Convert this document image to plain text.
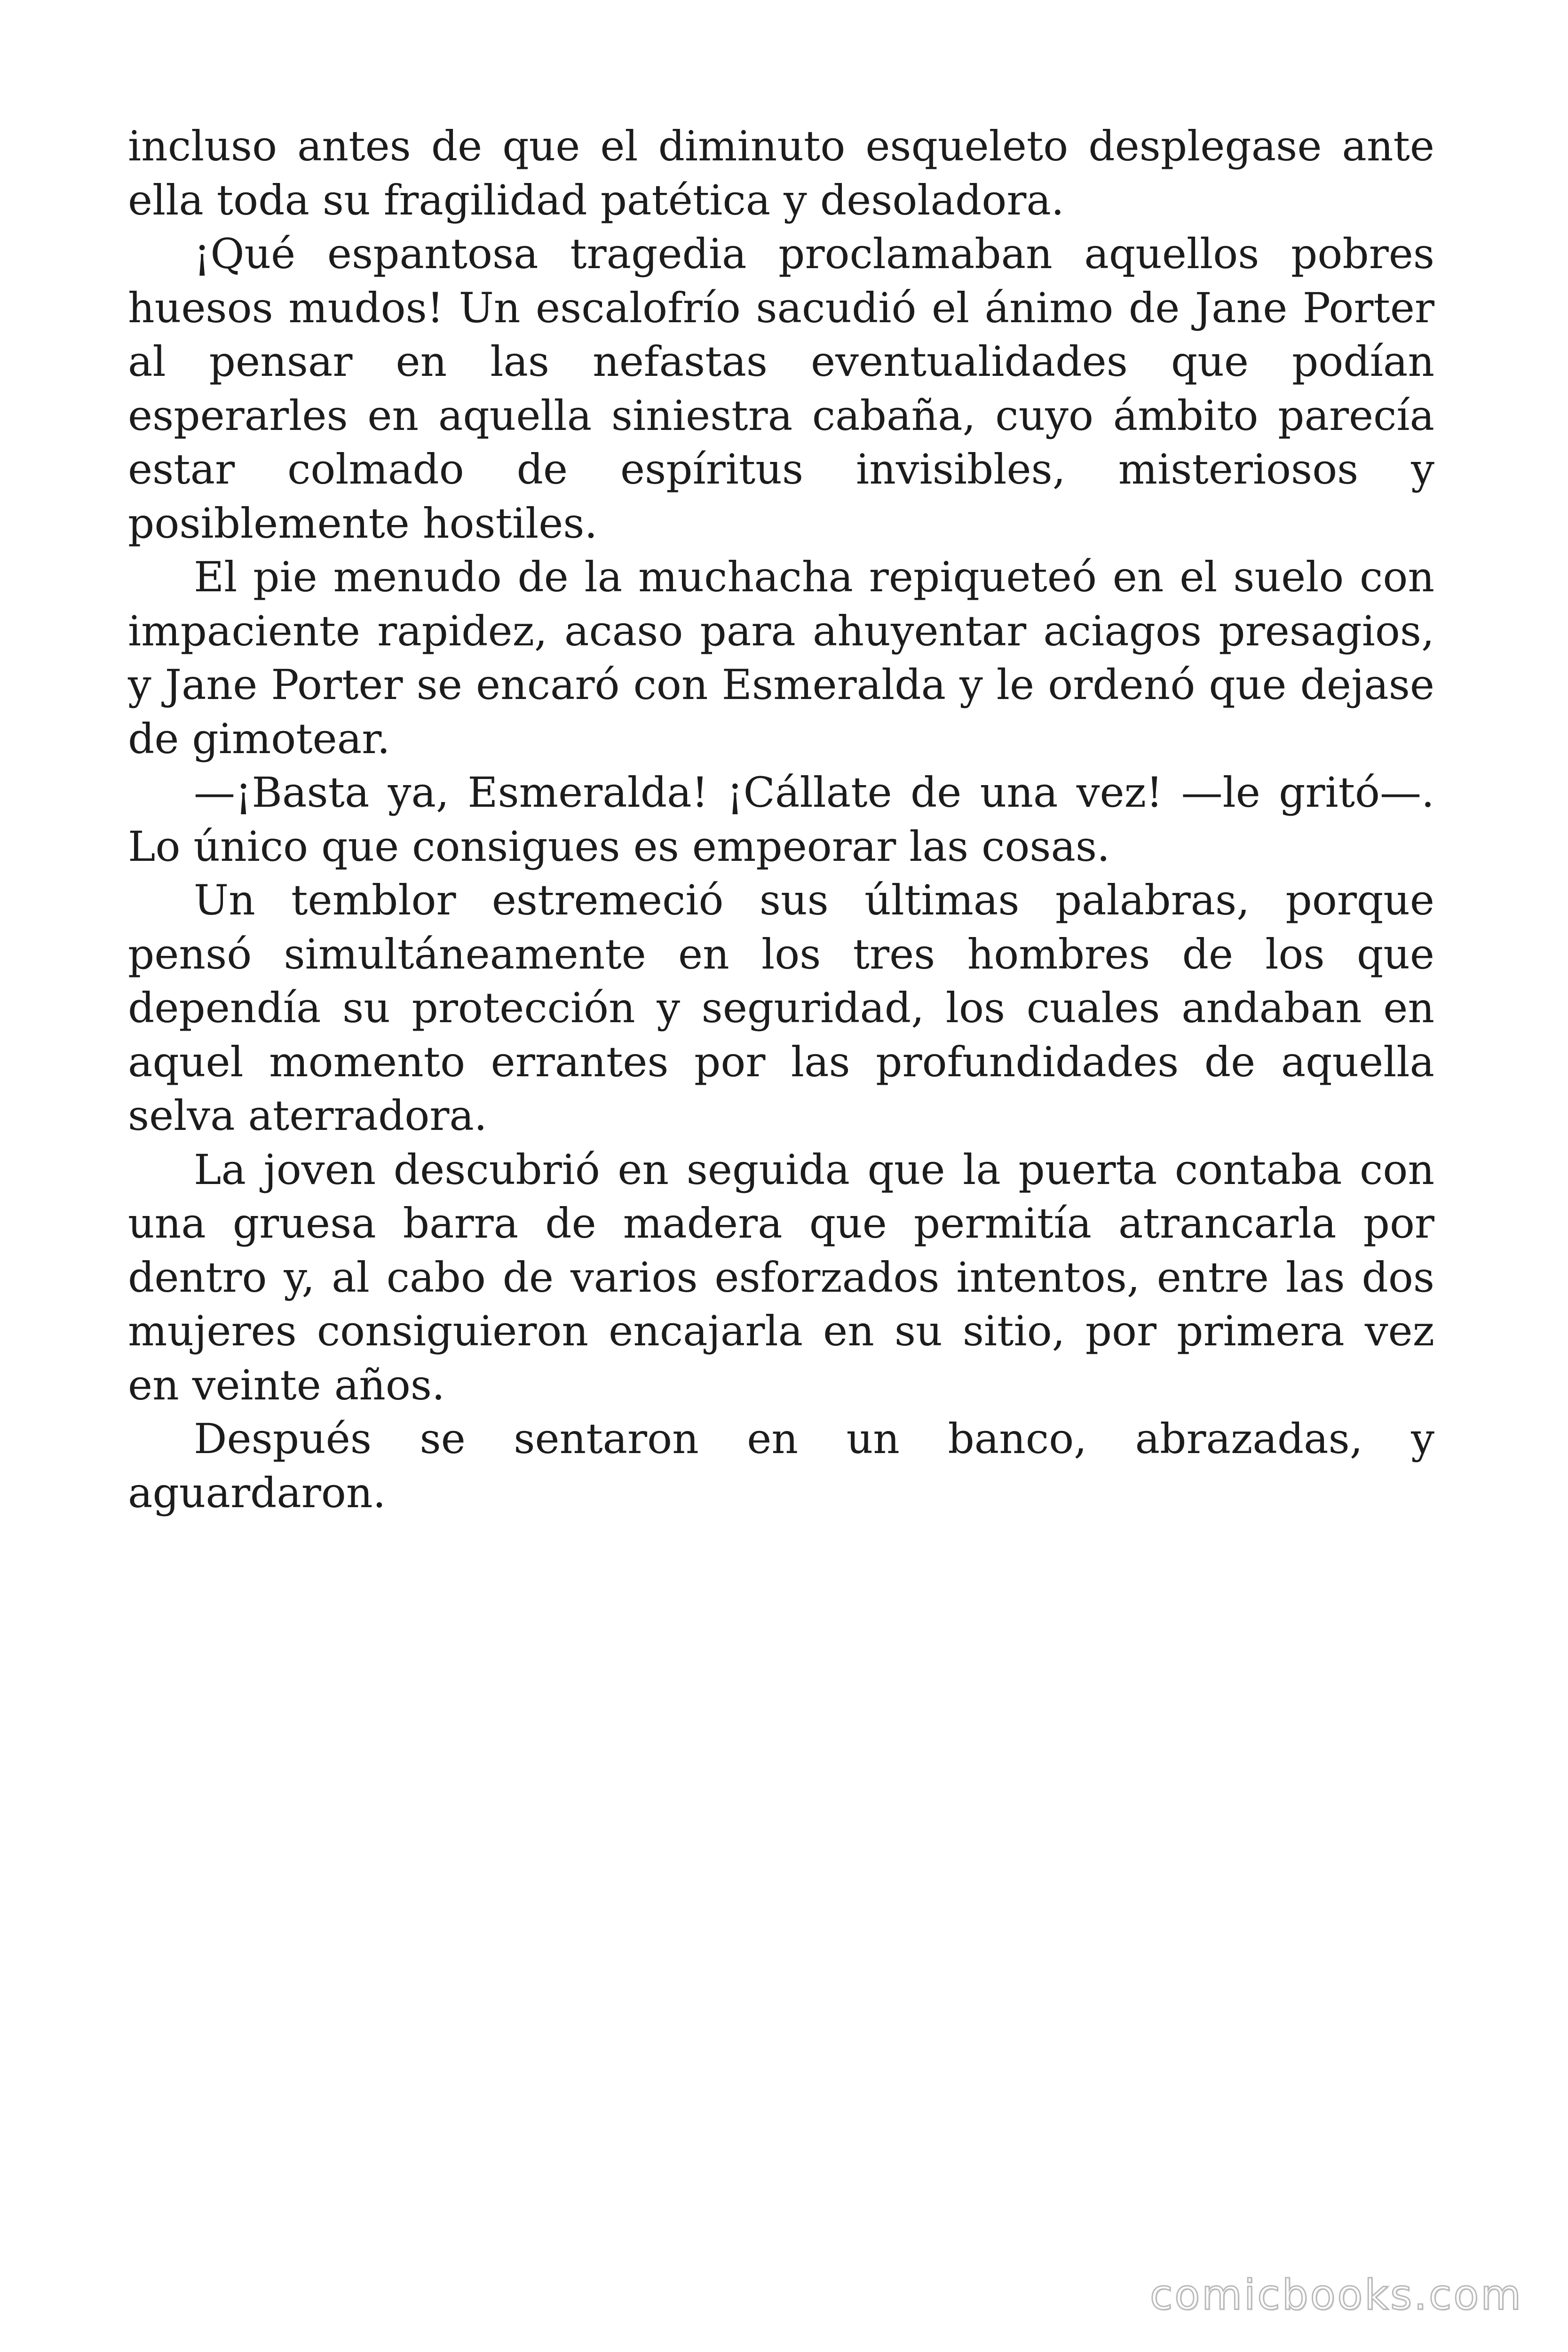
incluso antes de que el diminuto esqueleto desplegase ante ella toda su fragilidad patética y desoladora.

¡Qué espantosa tragedia proclamaban aquellos pobres huesos mudos! Un escalofrío sacudió el ánimo de Jane Porter al pensar en las nefastas eventualidades que podían esperarles en aquella siniestra cabaña, cuyo ámbito parecía estar colmado de espíritus invisibles, misteriosos y posiblemente hostiles.

El pie menudo de la muchacha repiqueteó en el suelo con impaciente rapidez, acaso para ahuyentar aciagos presagios, y Jane Porter se encaró con Esmeralda y le ordenó que dejase de gimotear.

—¡Basta ya, Esmeralda! ¡Cállate de una vez! —le gritó—. Lo único que consigues es empeorar las cosas.

Un temblor estremeció sus últimas palabras, porque pensó simultáneamente en los tres hombres de los que dependía su protección y seguridad, los cuales andaban en aquel momento errantes por las profundidades de aquella selva aterradora.

La joven descubrió en seguida que la puerta contaba con una gruesa barra de madera que permitía atrancarla por dentro y, al cabo de varios esforzados intentos, entre las dos mujeres consiguieron encajarla en su sitio, por primera vez en veinte años.

Después se sentaron en un banco, abrazadas, y aguardaron.

comicbooks.com
